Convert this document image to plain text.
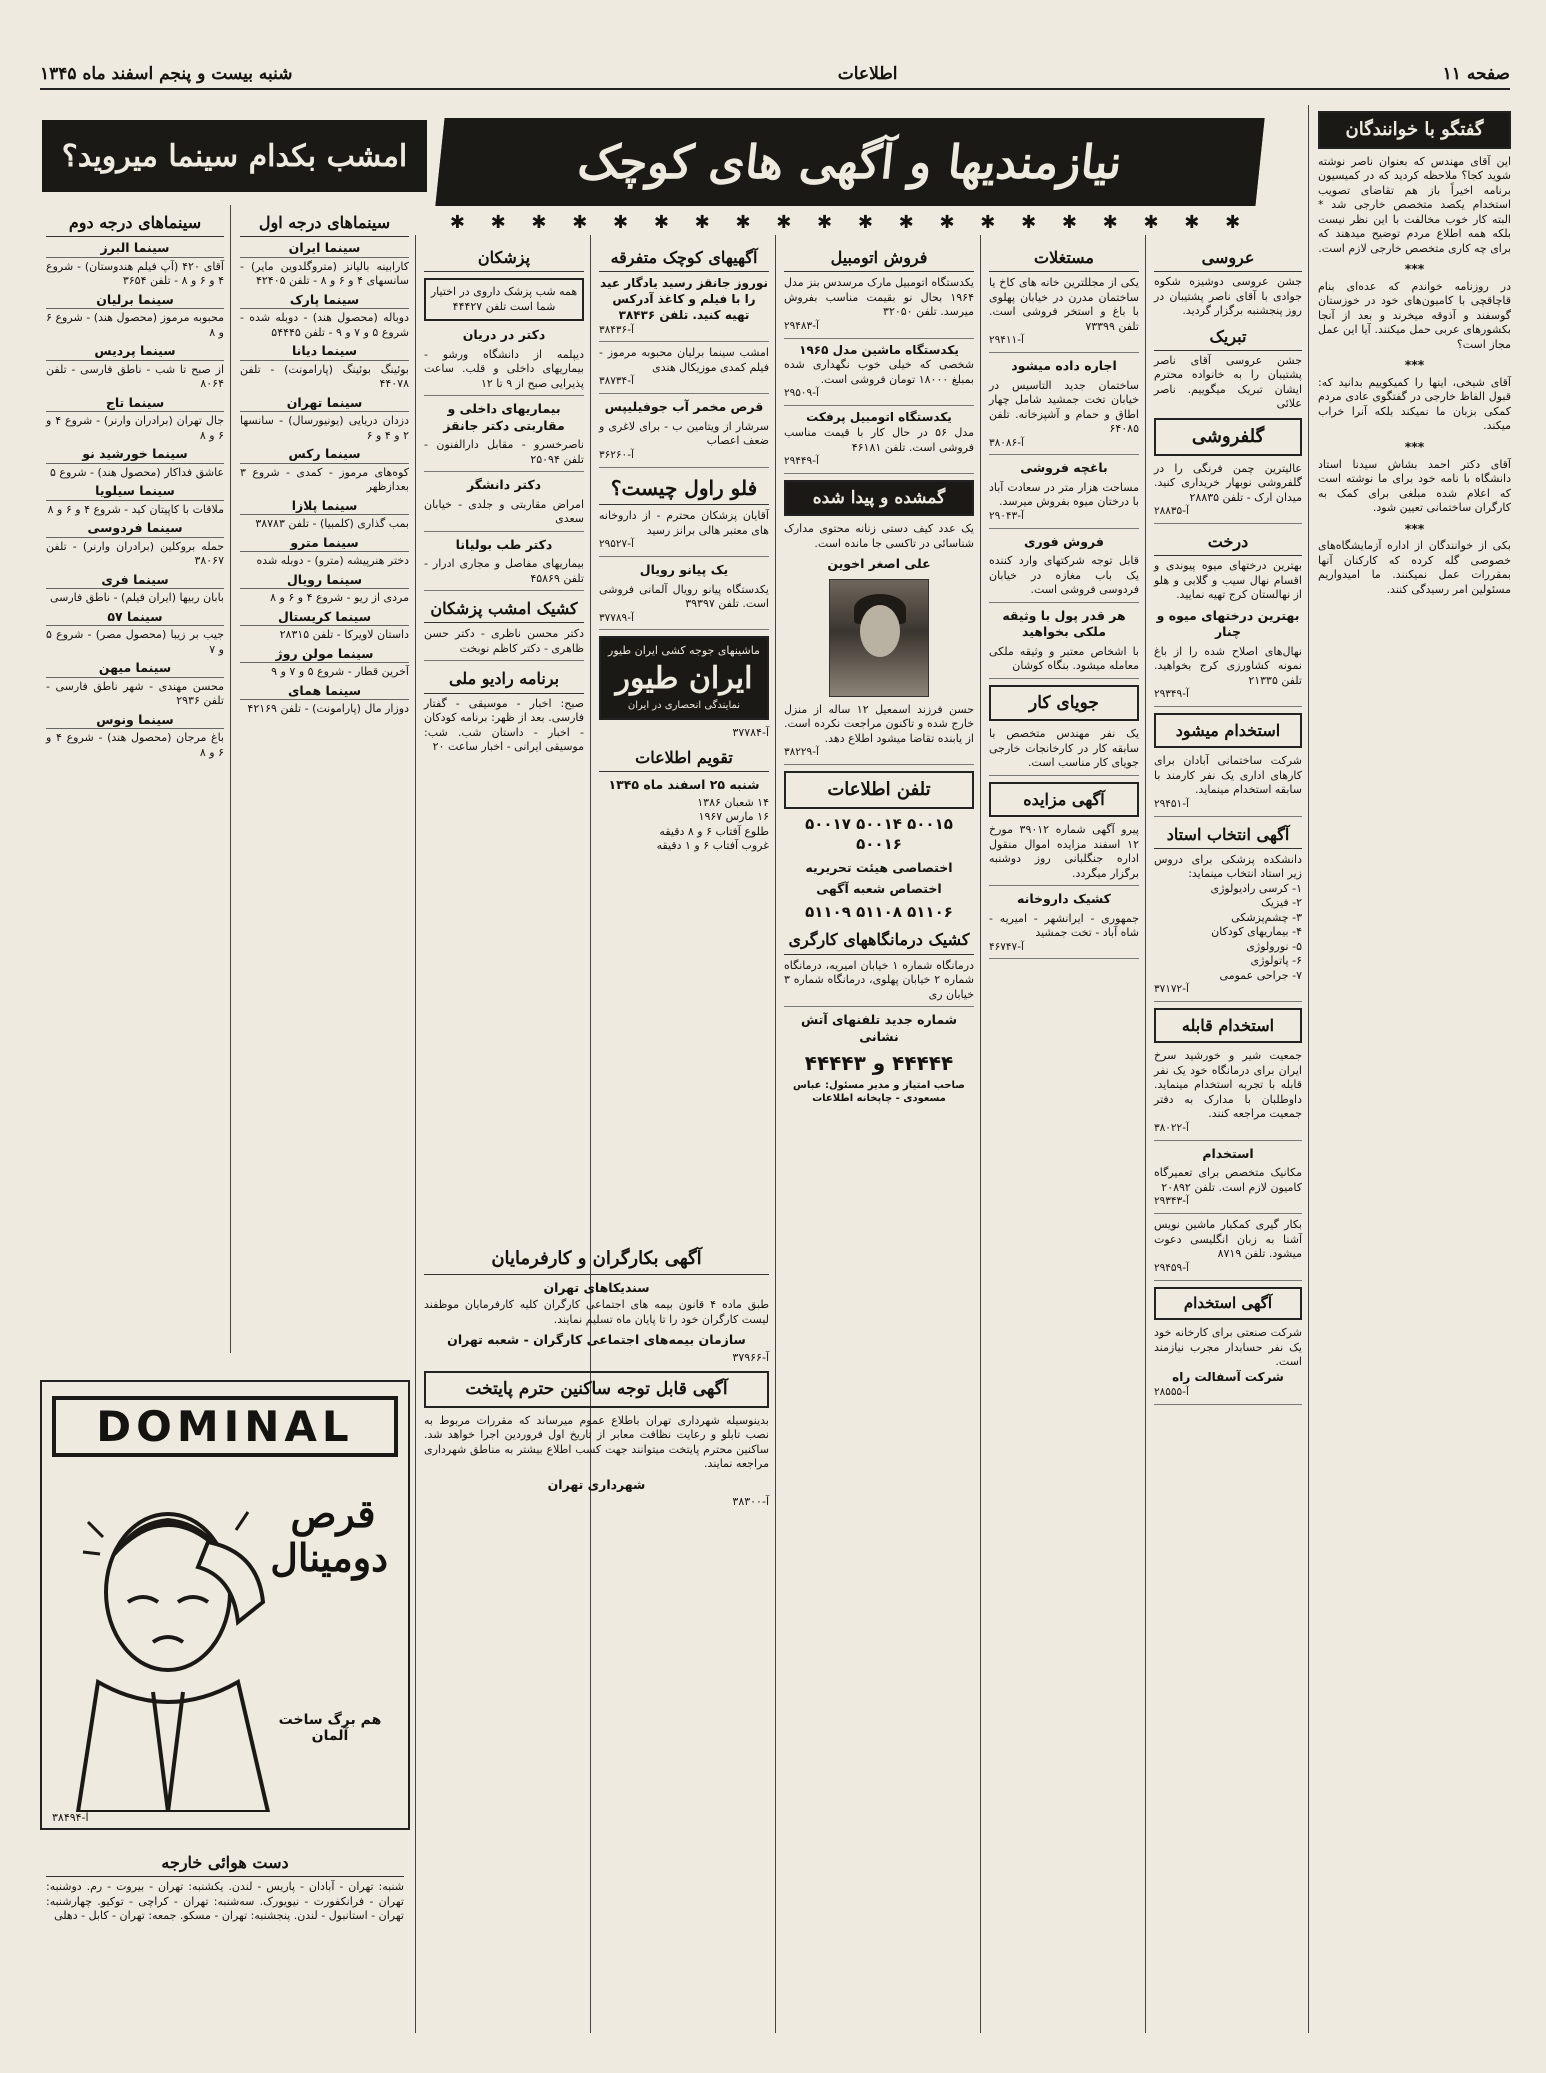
شنبه بیست و پنجم اسفند ماه ۱۳۴۵	اطلاعات	صفحه ۱۱
امشب بکدام سینما میروید؟	نیازمندیها و آگهی های کوچک
✱ ✱ ✱ ✱ ✱ ✱ ✱ ✱ ✱ ✱ ✱ ✱ ✱ ✱ ✱ ✱ ✱ ✱ ✱ ✱
گفتگو با خوانندگان

این آقای مهندس که بعنوان ناصر نوشته شوید کجا؟ ملاحظه کردید که در کمیسیون برنامه اخیراً باز هم تقاضای تصویب استخدام یکصد متخصص خارجی شد * البته کار خوب مخالفت با این نظر نیست بلکه همه اطلاع مردم توضیح میدهند که برای چه کاری متخصص خارجی لازم است.

***

در روزنامه خواندم که عده‌ای بنام قاچاقچی با کامیون‌های خود در خوزستان گوسفند و آذوقه میخرند و بعد از آنجا بکشورهای عربی حمل میکنند. آیا این عمل مجاز است؟

***

آقای شیخی، اینها را کمیکوییم بدانید که: قبول الفاظ خارجی در گفتگوی عادی مردم کمکی بزبان ما نمیکند بلکه آنرا خراب میکند.

***

آقای دکتر احمد بشاش سیدنا استاد دانشگاه با نامه خود برای ما نوشته است که اعلام شده مبلغی برای کمک به کارگران ساختمانی تعیین شود.

***

بکی از خوانندگان از اداره آزمایشگاه‌های خصوصی گله کرده که کارکنان آنها بمقررات عمل نمیکنند. ما امیدواریم مسئولین امر رسیدگی کنند.

عروسی

جشن عروسی دوشیزه شکوه جوادی با آقای ناصر پشتیبان در روز پنجشنبه برگزار گردید.

تبریک

جشن عروسی آقای ناصر پشتیبان را به خانواده محترم ایشان تبریک میگوییم. ناصر علائی

گلفروشی
عالیترین چمن فرنگی را در گلفروشی نوبهار خریداری کنید. میدان ارک - تلفن ۲۸۸۳۵
آ-۲۸۸۳۵
درخت

بهترین درختهای میوه پیوندی و اقسام نهال سیب و گلابی و هلو از نهالستان کرج تهیه نمایید.

بهترین درختهای میوه و چنار
نهال‌های اصلاح شده را از باغ نمونه کشاورزی کرج بخواهید. تلفن ۲۱۳۳۵
آ-۲۹۳۴۹
استخدام میشود
شرکت ساختمانی آبادان برای کارهای اداری یک نفر کارمند با سابقه استخدام مینماید.
آ-۲۹۴۵۱
آگهی انتخاب استاد
دانشکده پزشکی برای دروس زیر استاد انتخاب مینماید:
۱- کرسی رادیولوژی
۲- فیزیک
۳- چشم‌پزشکی
۴- بیماریهای کودکان
۵- نورولوژی
۶- پاتولوژی
۷- جراحی عمومی
آ-۳۷۱۷۲
استخدام قابله
جمعیت شیر و خورشید سرخ ایران برای درمانگاه خود یک نفر قابله با تجربه استخدام مینماید. داوطلبان با مدارک به دفتر جمعیت مراجعه کنند.
آ-۳۸۰۲۲
استخدام
مکانیک متخصص برای تعمیرگاه کامیون لازم است. تلفن ۲۰۸۹۲
آ-۲۹۳۴۳
بکار گیری کمکبار ماشین نویس آشنا به زبان انگلیسی دعوت میشود. تلفن ۸۷۱۹
آ-۲۹۴۵۹
آگهی استخدام
شرکت صنعتی برای کارخانه خود یک نفر حسابدار مجرب نیازمند است.
شرکت آسفالت راه
آ-۲۸۵۵۵
مستغلات
یکی از مجللترین خانه های کاخ یا ساختمان مدرن در خیابان پهلوی با باغ و استخر فروشی است. تلفن ۷۳۳۹۹
آ-۲۹۴۱۱
اجاره داده میشود
ساختمان جدید التاسیس در خیابان تخت جمشید شامل چهار اطاق و حمام و آشپزخانه. تلفن ۶۴۰۸۵
آ-۳۸۰۸۶
باغچه فروشی
مساحت هزار متر در سعادت آباد با درختان میوه بفروش میرسد.
آ-۲۹۰۴۳
فروش فوری

قابل توجه شرکتهای وارد کننده یک باب مغازه در خیابان فردوسی فروشی است.

هر قدر پول با وثیقه ملکی بخواهید

با اشخاص معتبر و وثیقه ملکی معامله میشود. بنگاه کوشان

جویای کار

یک نفر مهندس متخصص با سابقه کار در کارخانجات خارجی جویای کار مناسب است.

آگهی مزایده

پیرو آگهی شماره ۳۹۰۱۲ مورخ ۱۲ اسفند مزایده اموال منقول اداره جنگلبانی روز دوشنبه برگزار میگردد.

کشیک داروخانه
جمهوری - ایرانشهر - امیریه - شاه آباد - تخت جمشید
آ-۴۶۷۴۷
فروش اتومبیل
یکدستگاه اتومبیل مارک مرسدس بنز مدل ۱۹۶۴ بحال نو بقیمت مناسب بفروش میرسد. تلفن ۳۲۰۵۰
آ-۲۹۴۸۳
یکدستگاه ماشین مدل ۱۹۶۵
شخصی که خیلی خوب نگهداری شده بمبلغ ۱۸۰۰۰ تومان فروشی است.
آ-۲۹۵۰۹
یکدستگاه اتومبیل پرفکت
مدل ۵۶ در حال کار با قیمت مناسب فروشی است. تلفن ۴۶۱۸۱
آ-۲۹۴۴۹
گمشده و پیدا شده

یک عدد کیف دستی زنانه محتوی مدارک شناسائی در تاکسی جا مانده است.

علی اصغر اخوین
حسن فرزند اسمعیل ۱۲ ساله از منزل خارج شده و تاکنون مراجعت نکرده است. از یابنده تقاضا میشود اطلاع دهد.
آ-۳۸۲۲۹
تلفن اطلاعات
۵۰۰۱۵ ۵۰۰۱۴ ۵۰۰۱۷ ۵۰۰۱۶
اختصاصی هیئت تحریریه
اختصاص شعبه آگهی
۵۱۱۰۶ ۵۱۱۰۸ ۵۱۱۰۹
کشیک درمانگاههای کارگری

درمانگاه شماره ۱ خیابان امیریه، درمانگاه شماره ۲ خیابان پهلوی، درمانگاه شماره ۳ خیابان ری

شماره جدید تلفنهای آتش نشانی
۴۴۴۴۴ و ۴۴۴۴۳

صاحب امتیاز و مدیر مسئول: عباس مسعودی - چاپخانه اطلاعات

آگهیهای کوچک متفرقه
نوروز جانقز رسید یادگار عید را با فیلم و کاغذ آدرکس تهیه کنید. تلفن ۳۸۴۳۶
آ-۳۸۴۳۶
امشب سینما برلیان محبوبه مرموز - فیلم کمدی موزیکال هندی
آ-۳۸۷۳۴
قرص مخمر آب جوفیلیپس
سرشار از ویتامین ب - برای لاغری و ضعف اعصاب
آ-۳۶۲۶۰
فلو راول چیست؟
آقایان پزشکان محترم - از داروخانه های معتبر هالی برانز رسید
آ-۲۹۵۲۷
یک پیانو رویال
یکدستگاه پیانو رویال آلمانی فروشی است. تلفن ۳۹۳۹۷
آ-۳۷۷۸۹
ماشینهای جوجه کشی ایران طیور
ایران طیور
نمایندگی انحصاری در ایران
آ-۳۷۷۸۴
تقویم اطلاعات
شنبه ۲۵ اسفند ماه ۱۳۴۵
۱۴ شعبان ۱۳۸۶
۱۶ مارس ۱۹۶۷
طلوع آفتاب ۶ و ۸ دقیقه
غروب آفتاب ۶ و ۱ دقیقه
پزشکان
همه شب پزشک داروی در اختیار شما است تلفن ۴۴۴۲۷
دکتر در دریان

دیپلمه از دانشگاه ورشو - بیماریهای داخلی و قلب. ساعت پذیرایی صبح از ۹ تا ۱۲

بیماریهای داخلی و مقاربتی دکتر جانقز

ناصرخسرو - مقابل دارالفنون - تلفن ۲۵۰۹۴

دکتر دانشگر

امراض مقاربتی و جلدی - خیابان سعدی

دکتر طب بولیانا

بیماریهای مفاصل و مجاری ادرار - تلفن ۴۵۸۶۹

کشیک امشب پزشکان

دکتر محسن ناظری - دکتر حسن ظاهری - دکتر کاظم نوبخت

برنامه رادیو ملی

صبح: اخبار - موسیقی - گفتار فارسی. بعد از ظهر: برنامه کودکان - اخبار - داستان شب. شب: موسیقی ایرانی - اخبار ساعت ۲۰

آگهی بکارگران و کارفرمایان
سندیکاهای تهران

طبق ماده ۴ قانون بیمه های اجتماعی کارگران کلیه کارفرمایان موظفند لیست کارگران خود را تا پایان ماه تسلیم نمایند.

سازمان بیمه‌های اجتماعی کارگران - شعبه تهران
آ-۳۷۹۶۶
آگهی قابل توجه ساکنین حترم پایتخت

بدینوسیله شهرداری تهران باطلاع عموم میرساند که مقررات مربوط به نصب تابلو و رعایت نظافت معابر از تاریخ اول فروردین اجرا خواهد شد. ساکنین محترم پایتخت میتوانند جهت کسب اطلاع بیشتر به مناطق شهرداری مراجعه نمایند.

شهرداری تهران
آ-۳۸۳۰۰
سینماهای درجه اول
سینما ایران
کارابینه بالیانز (متروگلدوین مایر) - سانسهای ۴ و ۶ و ۸ - تلفن ۴۲۴۰۵
سینما پارک
دوباله (محصول هند) - دوبله شده - شروع ۵ و ۷ و ۹ - تلفن ۵۴۴۴۵
سینما دیانا
بوئینگ بوئینگ (پارامونت) - تلفن ۴۴۰۷۸
سینما تهران
دزدان دریایی (یونیورسال) - سانسها ۲ و ۴ و ۶
سینما رکس
کوه‌های مرموز - کمدی - شروع ۳ بعدازظهر
سینما پلازا
بمب گذاری (کلمبیا) - تلفن ۳۸۷۸۳
سینما مترو
دختر هنرپیشه (مترو) - دوبله شده
سینما رویال
مردی از ریو - شروع ۴ و ۶ و ۸
سینما کریستال
داستان لاویرکا - تلفن ۲۸۳۱۵
سینما مولن روژ
آخرین قطار - شروع ۵ و ۷ و ۹
سینما همای
دوزار مال (پارامونت) - تلفن ۴۲۱۶۹
سینماهای درجه دوم
سینما البرز
آقای ۴۲۰ (آپ فیلم هندوستان) - شروع ۴ و ۶ و ۸ - تلفن ۳۶۵۴
سینما برلیان
محبوبه مرموز (محصول هند) - شروع ۶ و ۸
سینما پردیس
از صبح تا شب - ناطق فارسی - تلفن ۸۰۶۴
سینما تاج
جال تهران (برادران وارنر) - شروع ۴ و ۶ و ۸
سینما خورشید نو
عاشق فداکار (محصول هند) - شروع ۵
سینما سیلویا
ملاقات با کاپیتان کید - شروع ۴ و ۶ و ۸
سینما فردوسی
حمله بروکلین (برادران وارنر) - تلفن ۳۸۰۶۷
سینما فری
بابان ربیها (ایران فیلم) - ناطق فارسی
سینما ۵۷
جیب بر زیبا (محصول مصر) - شروع ۵ و ۷
سینما میهن
محسن مهندی - شهر ناطق فارسی - تلفن ۲۹۳۶
سینما ونوس
باغ مرجان (محصول هند) - شروع ۴ و ۶ و ۸
DOMINAL
قرص دومینال
هم برگ ساخت آلمان
آ-۳۸۴۹۴
دست هوائی خارجه

شنبه: تهران - آبادان - پاریس - لندن. یکشنبه: تهران - بیروت - رم. دوشنبه: تهران - فرانکفورت - نیویورک. سه‌شنبه: تهران - کراچی - توکیو. چهارشنبه: تهران - استانبول - لندن. پنجشنبه: تهران - مسکو. جمعه: تهران - کابل - دهلی
